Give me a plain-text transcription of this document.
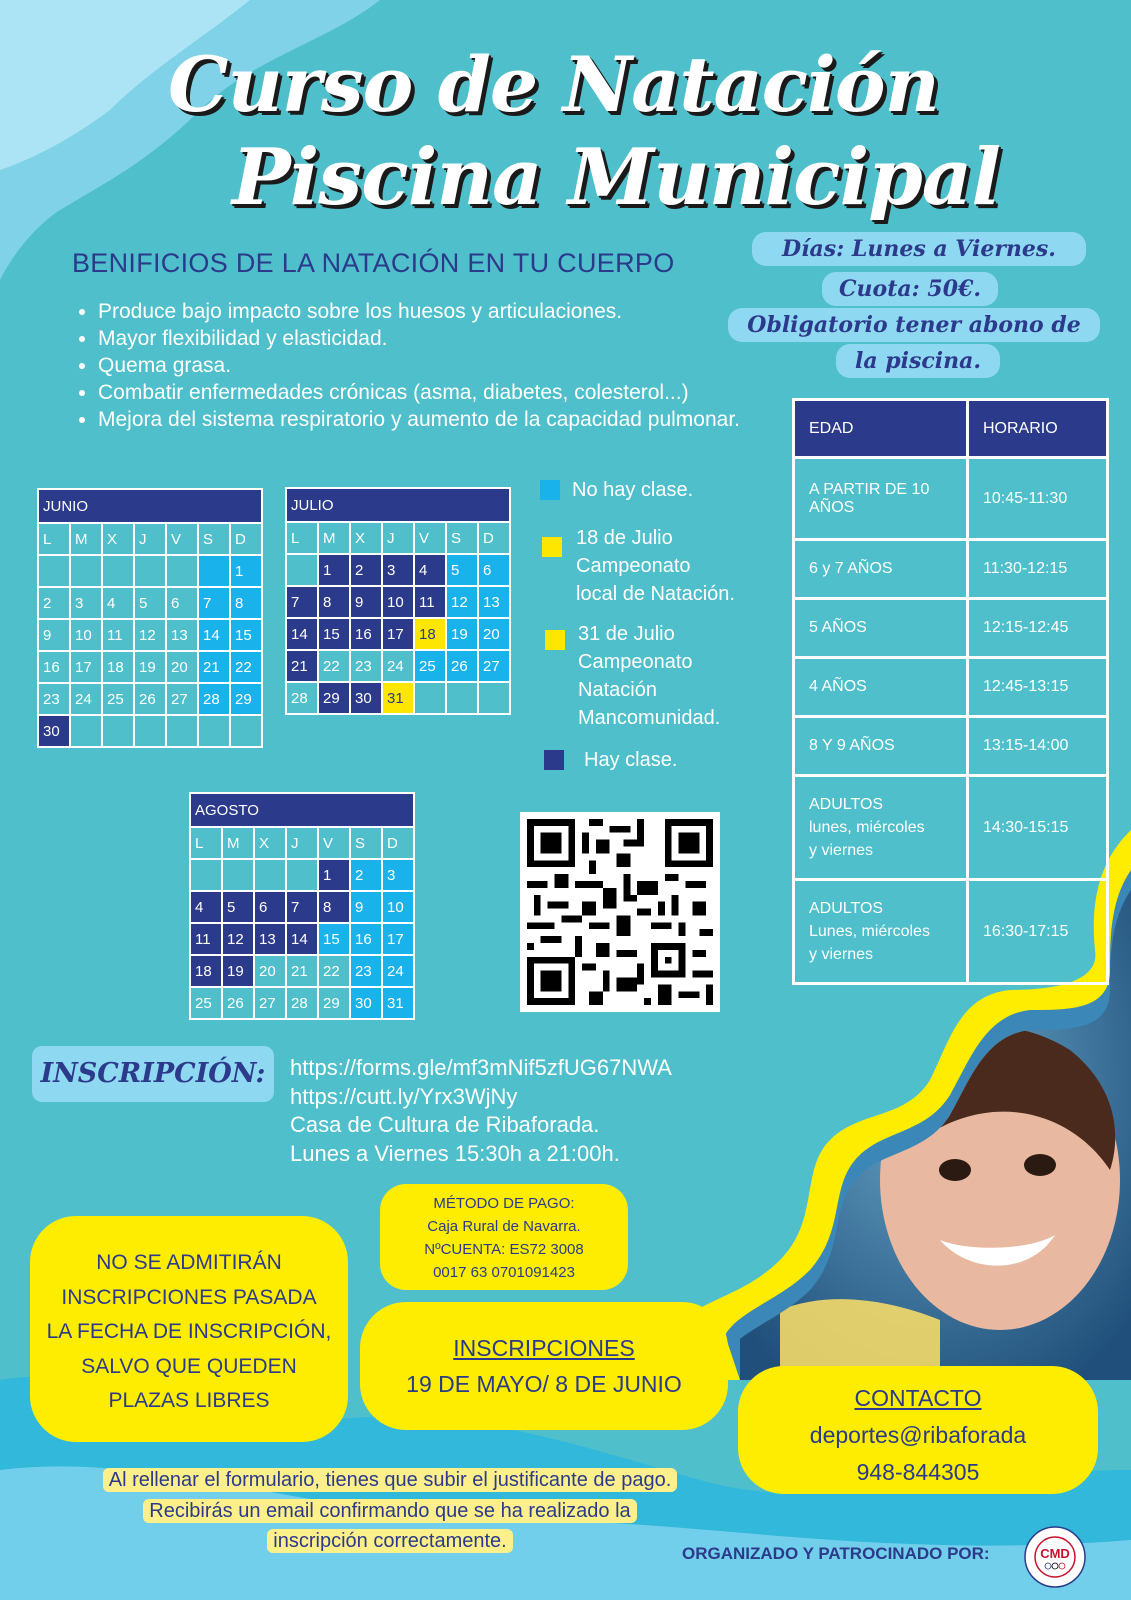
Curso de Natación
Piscina Municipal
BENIFICIOS DE LA NATACIÓN EN TU CUERPO
• Produce bajo impacto sobre los huesos y articulaciones.
• Mayor flexibilidad y elasticidad.
• Quema grasa.
• Combatir enfermedades crónicas (asma, diabetes, colesterol...)
• Mejora del sistema respiratorio y aumento de la capacidad pulmonar.
Días: Lunes a Viernes.
Cuota: 50€.
Obligatorio tener abono de
la piscina.
JUNIO						
L	M	X	J	V	S	D
						1
2	3	4	5	6	7	8
9	10	11	12	13	14	15
16	17	18	19	20	21	22
23	24	25	26	27	28	29
30						
JULIO						
L	M	X	J	V	S	D
	1	2	3	4	5	6
7	8	9	10	11	12	13
14	15	16	17	18	19	20
21	22	23	24	25	26	27
28	29	30	31			
AGOSTO						
L	M	X	J	V	S	D
				1	2	3
4	5	6	7	8	9	10
11	12	13	14	15	16	17
18	19	20	21	22	23	24
25	26	27	28	29	30	31
No hay clase.
18 de Julio
Campeonato
local de Natación.
31 de Julio
Campeonato
Natación
Mancomunidad.
Hay clase.
EDAD	HORARIO

A PARTIR DE 10
AÑOS	10:45-11:30
6 y 7 AÑOS	11:30-12:15
5 AÑOS	12:15-12:45
4 AÑOS	12:45-13:15
8 Y 9 AÑOS	13:15-14:00

ADULTOS
lunes, miércoles
y viernes	14:30-15:15

ADULTOS
Lunes, miércoles
y viernes	16:30-17:15
INSCRIPCIÓN:	https://forms.gle/mf3mNif5zfUG67NWA
https://cutt.ly/Yrx3WjNy
Casa de Cultura de Ribaforada.
Lunes a Viernes 15:30h a 21:00h.
MÉTODO DE PAGO:
Caja Rural de Navarra.
NºCUENTA: ES72 3008
0017 63 0701091423
NO SE ADMITIRÁN
INSCRIPCIONES PASADA
LA FECHA DE INSCRIPCIÓN,
SALVO QUE QUEDEN
PLAZAS LIBRES
INSCRIPCIONES
19 DE MAYO/ 8 DE JUNIO
CONTACTO
deportes@ribaforada
948-844305
Al rellenar el formulario, tienes que subir el justificante de pago.
Recibirás un email confirmando que se ha realizado la
inscripción correctamente.
ORGANIZADO Y PATROCINADO POR:	CMD
